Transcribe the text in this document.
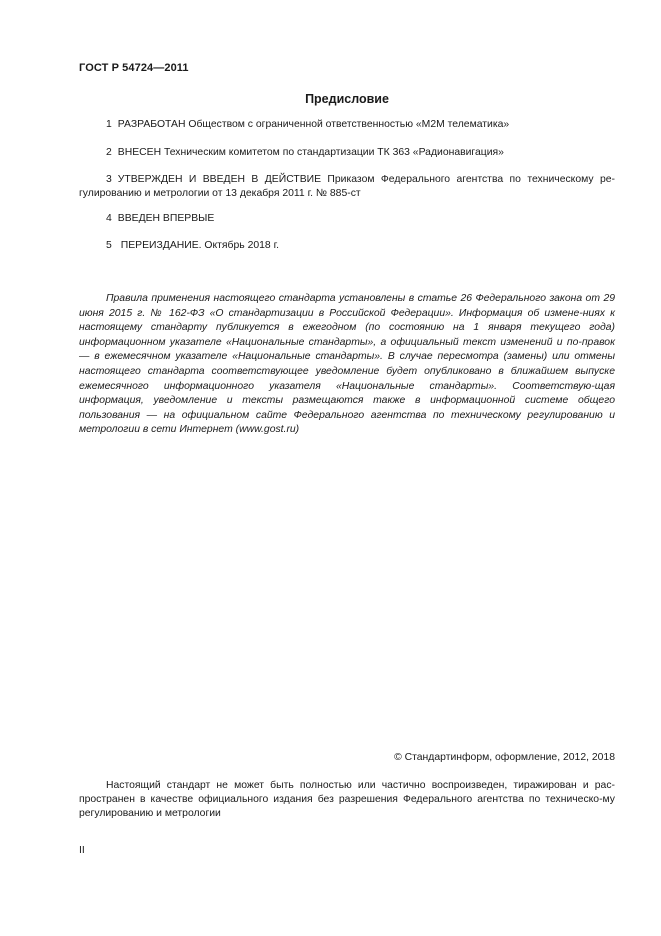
ГОСТ Р 54724—2011
Предисловие
1 РАЗРАБОТАН Обществом с ограниченной ответственностью «M2M телематика»
2 ВНЕСЕН Техническим комитетом по стандартизации ТК 363 «Радионавигация»
3 УТВЕРЖДЕН И ВВЕДЕН В ДЕЙСТВИЕ Приказом Федерального агентства по техническому ре-гулированию и метрологии от 13 декабря 2011 г. № 885-ст
4 ВВЕДЕН ВПЕРВЫЕ
5 ПЕРЕИЗДАНИЕ. Октябрь 2018 г.
Правила применения настоящего стандарта установлены в статье 26 Федерального закона от 29 июня 2015 г. № 162-ФЗ «О стандартизации в Российской Федерации». Информация об измене-ниях к настоящему стандарту публикуется в ежегодном (по состоянию на 1 января текущего года) информационном указателе «Национальные стандарты», а официальный текст изменений и по-правок — в ежемесячном указателе «Национальные стандарты». В случае пересмотра (замены) или отмены настоящего стандарта соответствующее уведомление будет опубликовано в ближайшем выпуске ежемесячного информационного указателя «Национальные стандарты». Соответствую-щая информация, уведомление и тексты размещаются также в информационной системе общего пользования — на официальном сайте Федерального агентства по техническому регулированию и метрологии в сети Интернет (www.gost.ru)
© Стандартинформ, оформление, 2012, 2018
Настоящий стандарт не может быть полностью или частично воспроизведен, тиражирован и рас-пространен в качестве официального издания без разрешения Федерального агентства по техническо-му регулированию и метрологии
II
